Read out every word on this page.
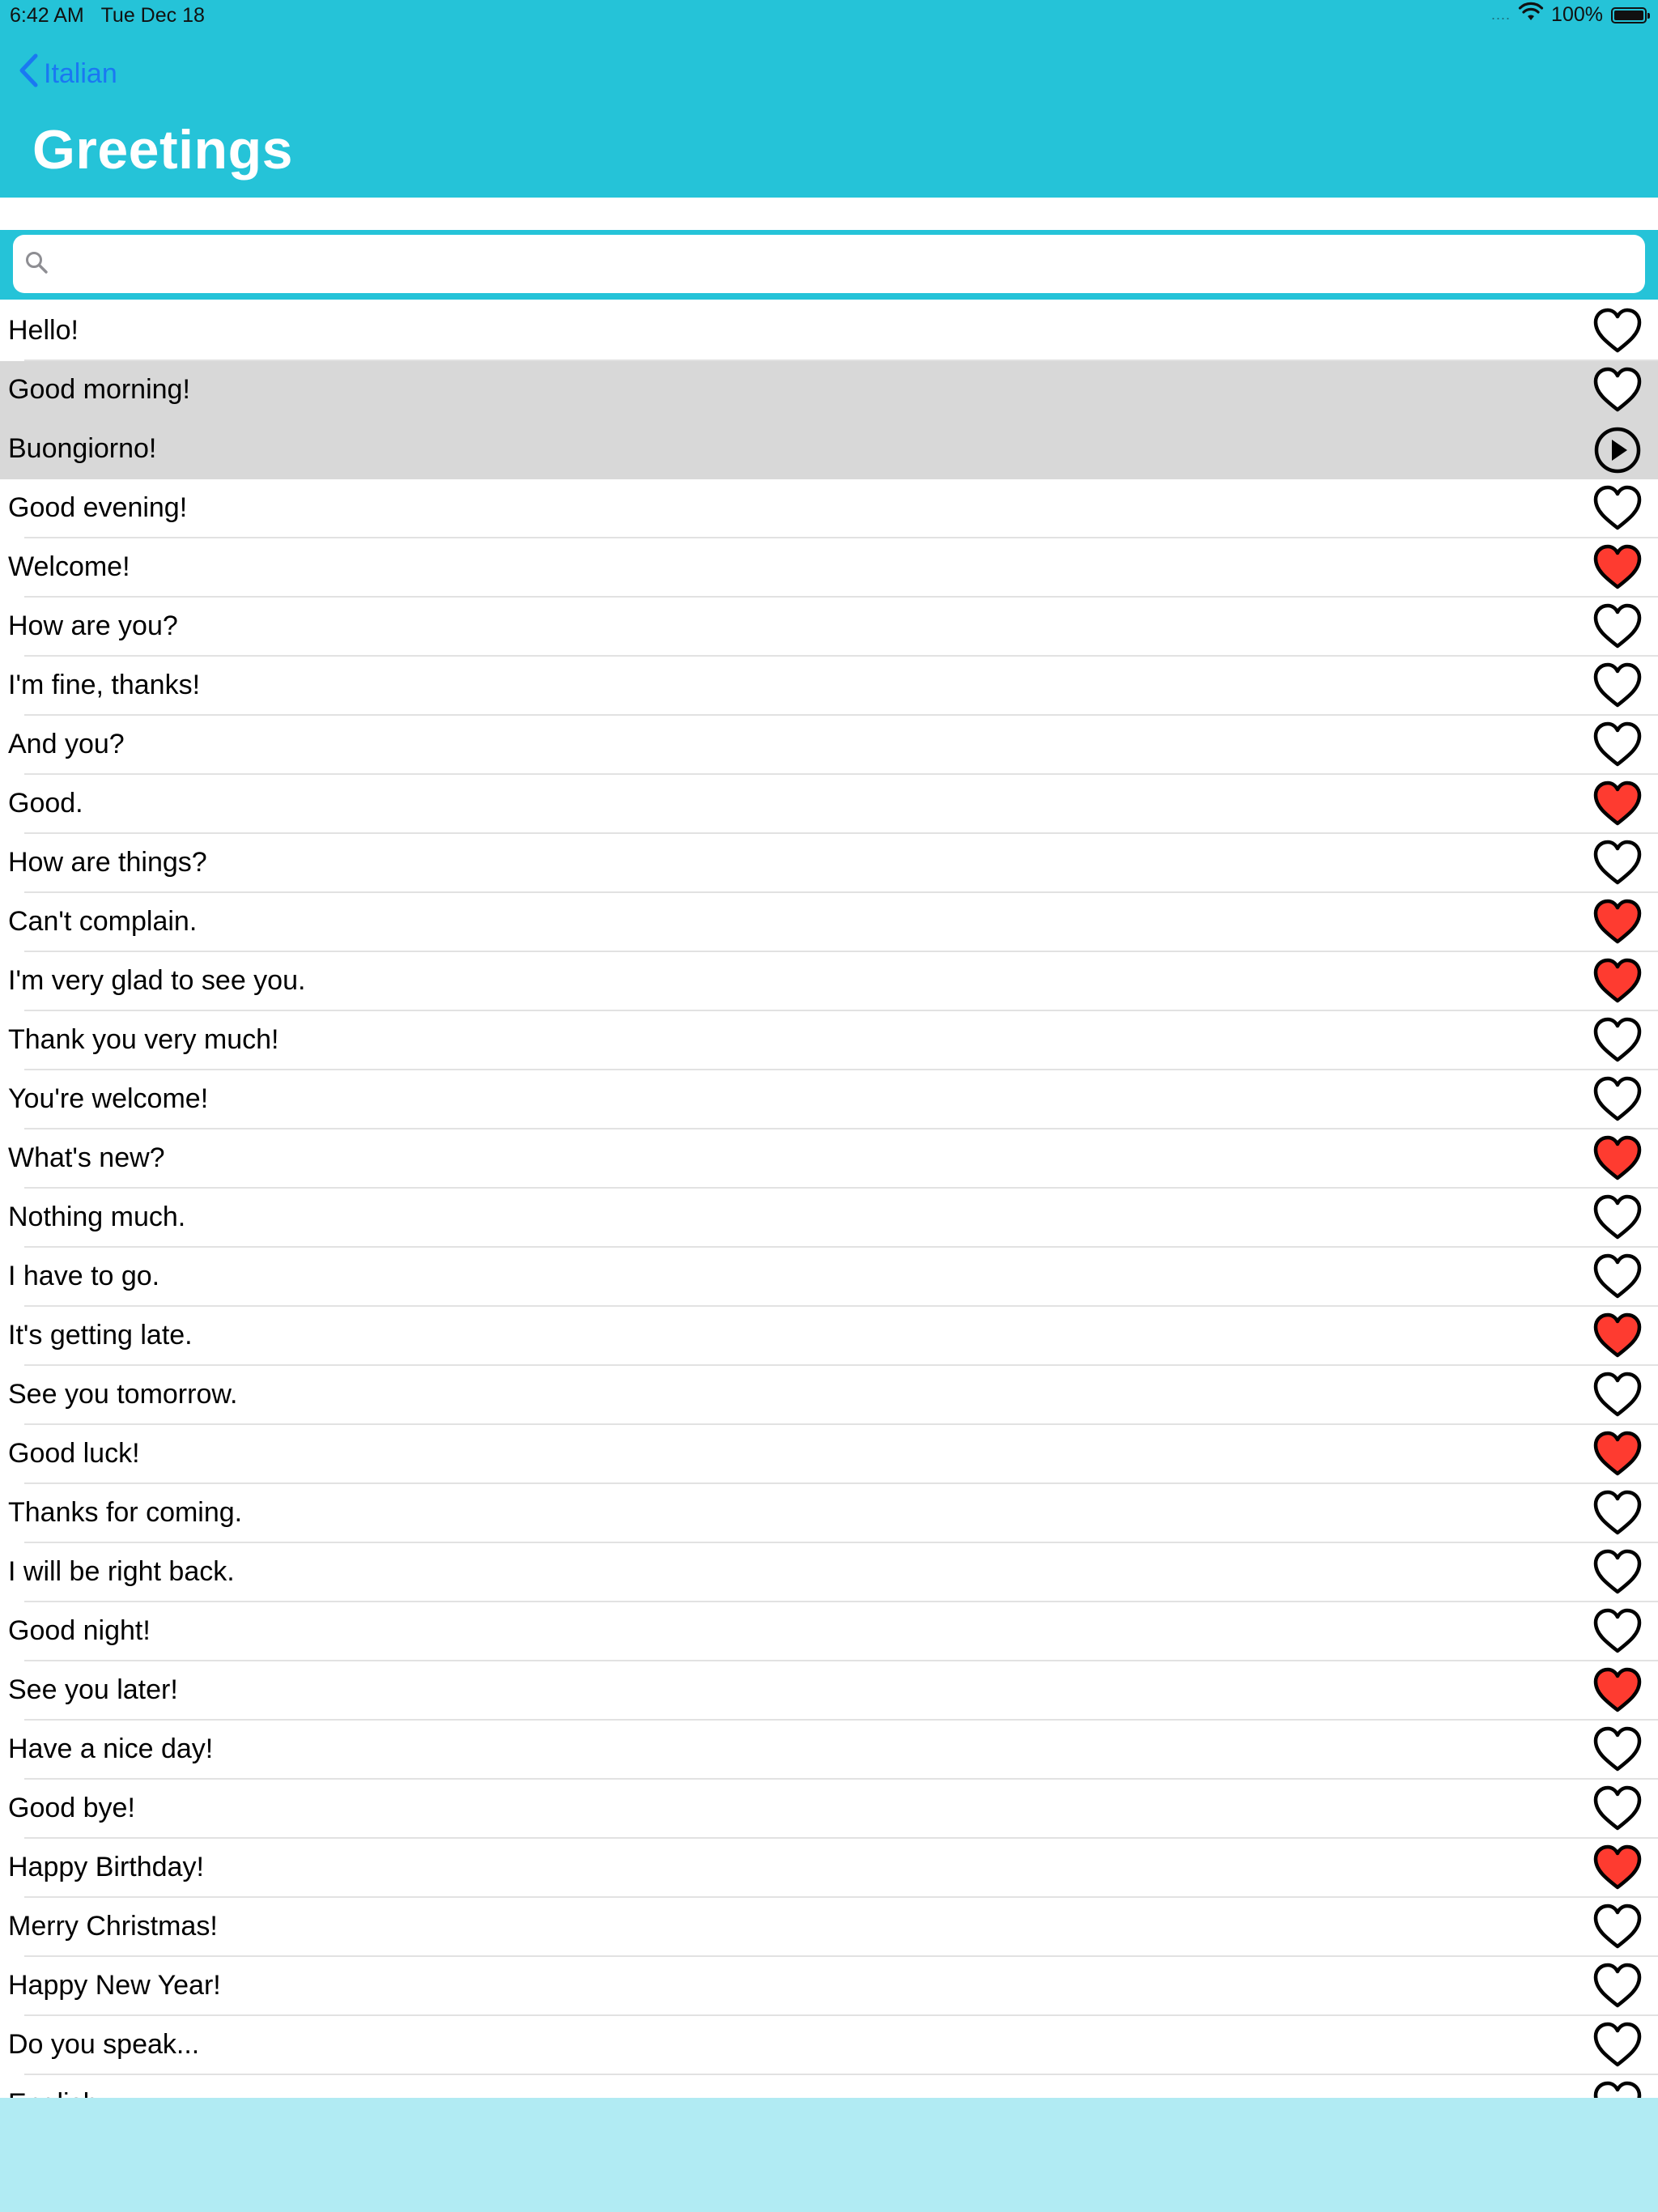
6:42 AM Tue Dec 18	.... 100%
Italian
Greetings
Hello!
Good morning!
Buongiorno!
Good evening!
Welcome!
How are you?
I'm fine, thanks!
And you?
Good.
How are things?
Can't complain.
I'm very glad to see you.
Thank you very much!
You're welcome!
What's new?
Nothing much.
I have to go.
It's getting late.
See you tomorrow.
Good luck!
Thanks for coming.
I will be right back.
Good night!
See you later!
Have a nice day!
Good bye!
Happy Birthday!
Merry Christmas!
Happy New Year!
Do you speak...
